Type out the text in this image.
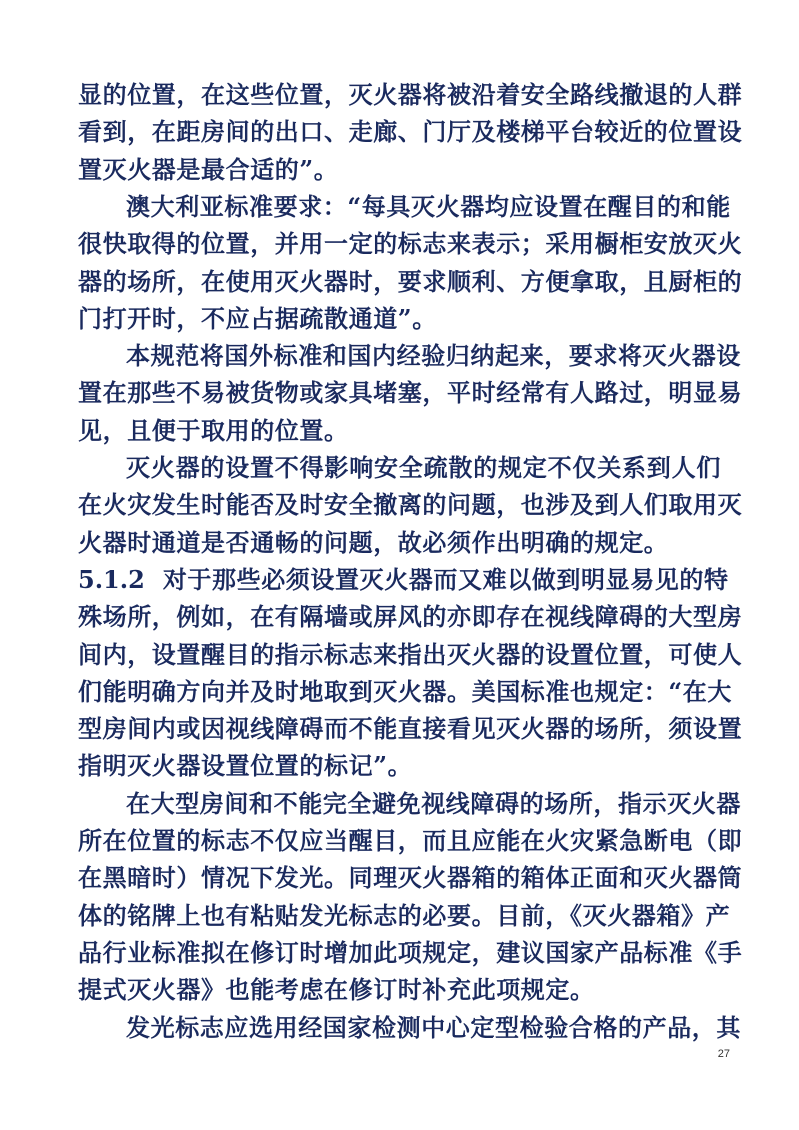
显的位置，在这些位置，灭火器将被沿着安全路线撤退的人群
看到，在距房间的出口、走廊、门厅及楼梯平台较近的位置设
置灭火器是最合适的”。
澳大利亚标准要求：“每具灭火器均应设置在醒目的和能
很快取得的位置，并用一定的标志来表示；采用橱柜安放灭火
器的场所，在使用灭火器时，要求顺利、方便拿取，且厨柜的
门打开时，不应占据疏散通道”。
本规范将国外标准和国内经验归纳起来，要求将灭火器设
置在那些不易被货物或家具堵塞，平时经常有人路过，明显易
见，且便于取用的位置。
灭火器的设置不得影响安全疏散的规定不仅关系到人们
在火灾发生时能否及时安全撤离的问题，也涉及到人们取用灭
火器时通道是否通畅的问题，故必须作出明确的规定。
5.1.2 对于那些必须设置灭火器而又难以做到明显易见的特
殊场所，例如，在有隔墙或屏风的亦即存在视线障碍的大型房
间内，设置醒目的指示标志来指出灭火器的设置位置，可使人
们能明确方向并及时地取到灭火器。美国标准也规定：“在大
型房间内或因视线障碍而不能直接看见灭火器的场所，须设置
指明灭火器设置位置的标记”。
在大型房间和不能完全避免视线障碍的场所，指示灭火器
所在位置的标志不仅应当醒目，而且应能在火灾紧急断电（即
在黑暗时）情况下发光。同理灭火器箱的箱体正面和灭火器筒
体的铭牌上也有粘贴发光标志的必要。目前，《灭火器箱》产
品行业标准拟在修订时增加此项规定，建议国家产品标准《手
提式灭火器》也能考虑在修订时补充此项规定。
发光标志应选用经国家检测中心定型检验合格的产品，其
27
